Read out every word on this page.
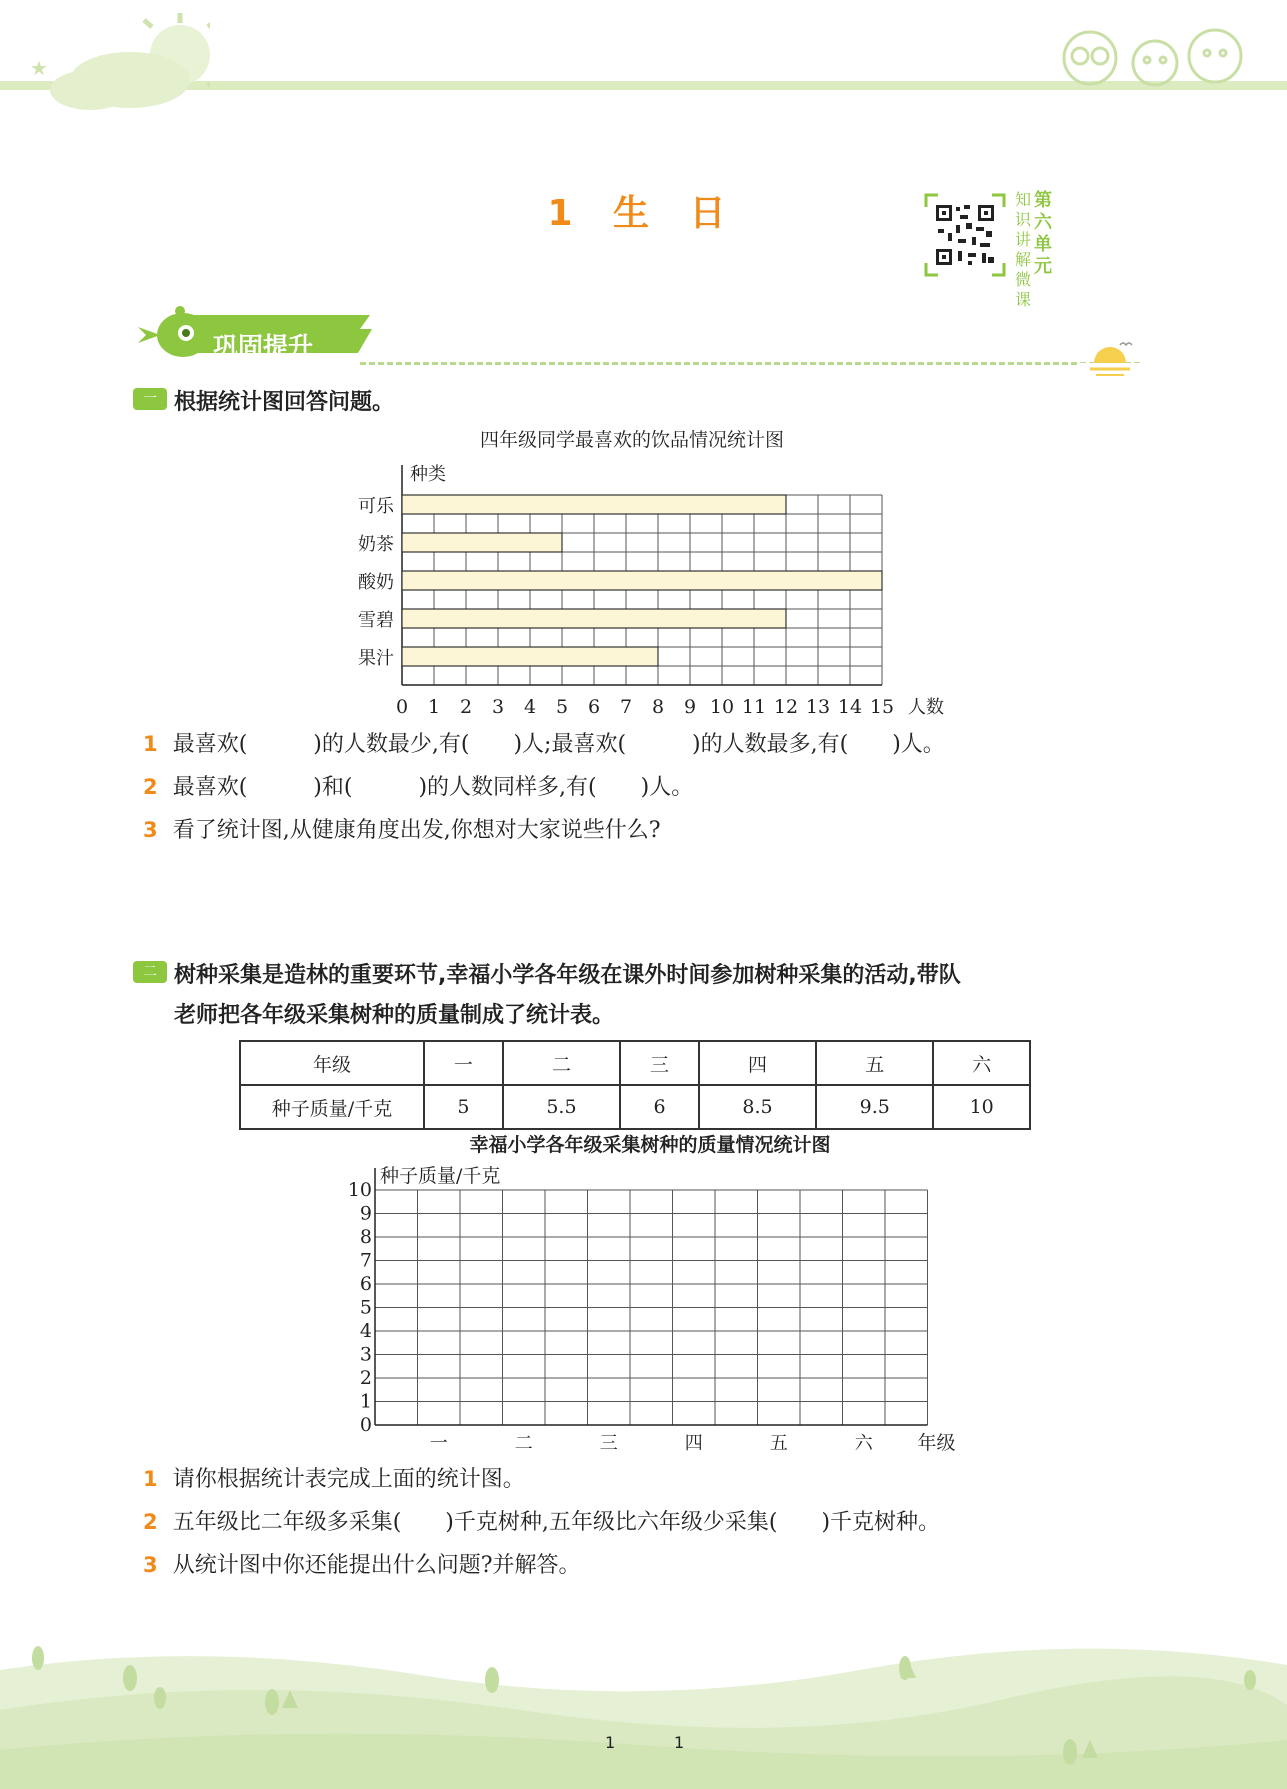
★
1 生 日	知
识
讲
解
微
课
第
六
单
元
巩固提升
一 根据统计图回答问题。
四年级同学最喜欢的饮品情况统计图
种类
人数
可乐
奶茶
酸奶
雪碧
果汁
0 1 2 3 4 5 6 7 8 9 10 11 12 13 14 15
1 最喜欢(　　　)的人数最少,有(　　)人;最喜欢(　　　)的人数最多,有(　　)人。
2 最喜欢(　　　)和(　　　)的人数同样多,有(　　)人。
3 看了统计图,从健康角度出发,你想对大家说些什么?
二 树种采集是造林的重要环节,幸福小学各年级在课外时间参加树种采集的活动,带队
老师把各年级采集树种的质量制成了统计表。
年级	一	二	三	四	五	六
种子质量/千克	5	5.5	6	8.5	9.5	10
幸福小学各年级采集树种的质量情况统计图
种子质量/千克
0
1
2
3
4
5
6
7
8
9
10
一	二	三	四	五	六 年级
1 请你根据统计表完成上面的统计图。
2 五年级比二年级多采集(　　)千克树种,五年级比六年级少采集(　　)千克树种。
3 从统计图中你还能提出什么问题?并解答。
1	1
